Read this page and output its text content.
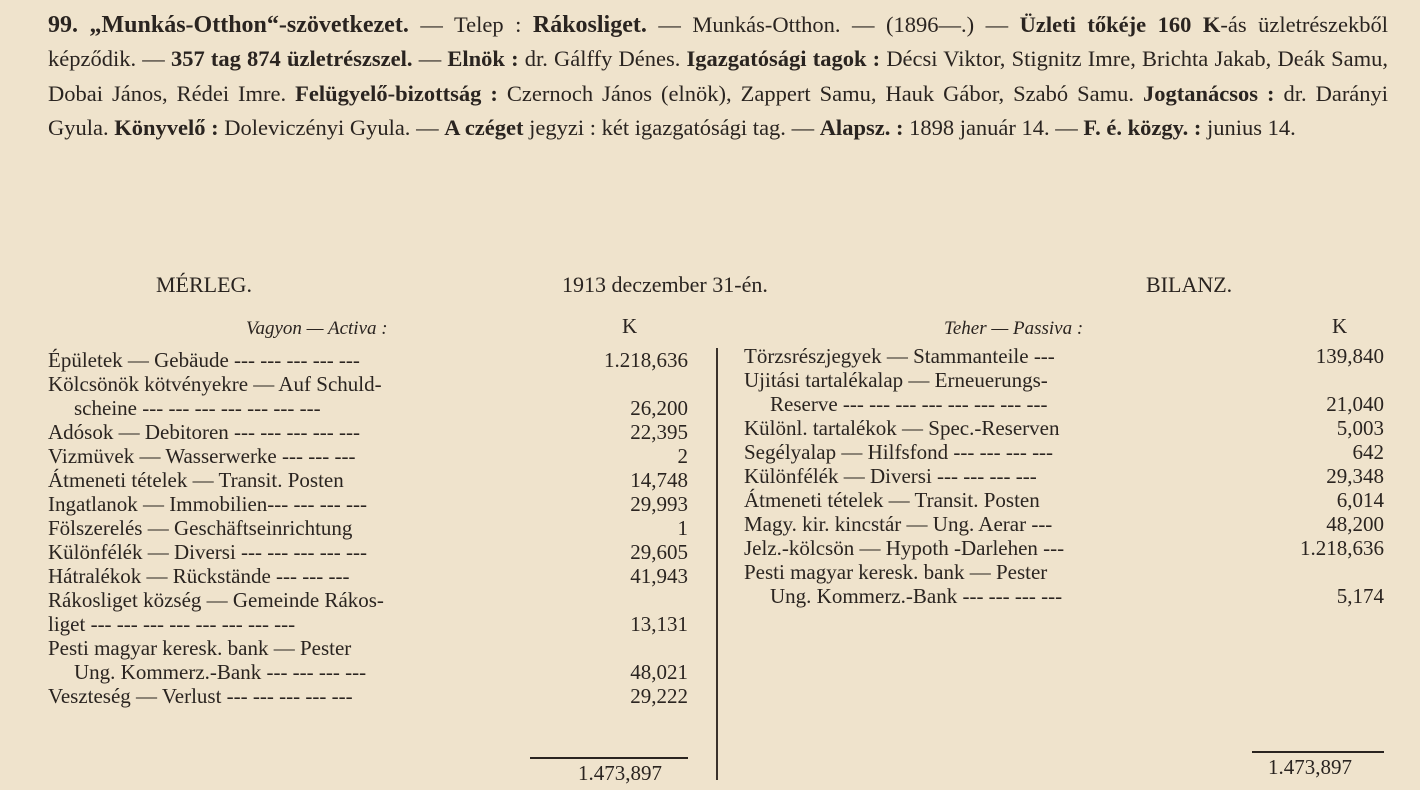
99. „Munkás-Otthon“-szövetkezet. — Telep : Rákosliget. — Munkás-Otthon. — (1896—.) — Üzleti tőkéje 160 K-ás üzletrészekből képződik. — 357 tag 874 üzletrészszel. — Elnök : dr. Gálffy Dénes. Igazgatósági tagok : Décsi Viktor, Stignitz Imre, Brichta Jakab, Deák Samu, Dobai János, Rédei Imre. Felügyelő-bizottság : Czernoch János (elnök), Zappert Samu, Hauk Gábor, Szabó Samu. Jogtanácsos : dr. Darányi Gyula. Könyvelő : Doleviczényi Gyula. — A czéget jegyzi : két igazgatósági tag. — Alapsz. : 1898 január 14. — F. é. közgy. : junius 14.
MÉRLEG.	1913 deczember 31-én.	BILANZ.
Vagyon — Activa :	K	Teher — Passiva :	K
Épületek — Gebäude --- --- --- --- ---	1.218,636
Kölcsönök kötvényekre — Auf Schuld-
scheine --- --- --- --- --- --- ---	26,200
Adósok — Debitoren --- --- --- --- ---	22,395
Vizmüvek — Wasserwerke --- --- ---	2
Átmeneti tételek — Transit. Posten	14,748
Ingatlanok — Immobilien--- --- --- ---	29,993
Fölszerelés — Geschäftseinrichtung	1
Különfélék — Diversi --- --- --- --- ---	29,605
Hátralékok — Rückstände --- --- ---	41,943
Rákosliget község — Gemeinde Rákos-
liget --- --- --- --- --- --- --- ---	13,131
Pesti magyar keresk. bank — Pester
Ung. Kommerz.-Bank --- --- --- ---	48,021
Veszteség — Verlust --- --- --- --- ---	29,222
Törzsrészjegyek — Stammanteile ---	139,840
Ujitási tartalékalap — Erneuerungs-
Reserve --- --- --- --- --- --- --- ---	21,040
Különl. tartalékok — Spec.-Reserven	5,003
Segélyalap — Hilfsfond --- --- --- ---	642
Különfélék — Diversi --- --- --- ---	29,348
Átmeneti tételek — Transit. Posten	6,014
Magy. kir. kincstár — Ung. Aerar ---	48,200
Jelz.-kölcsön — Hypoth -Darlehen ---	1.218,636
Pesti magyar keresk. bank — Pester
Ung. Kommerz.-Bank --- --- --- ---	5,174
1.473,897	1.473,897
